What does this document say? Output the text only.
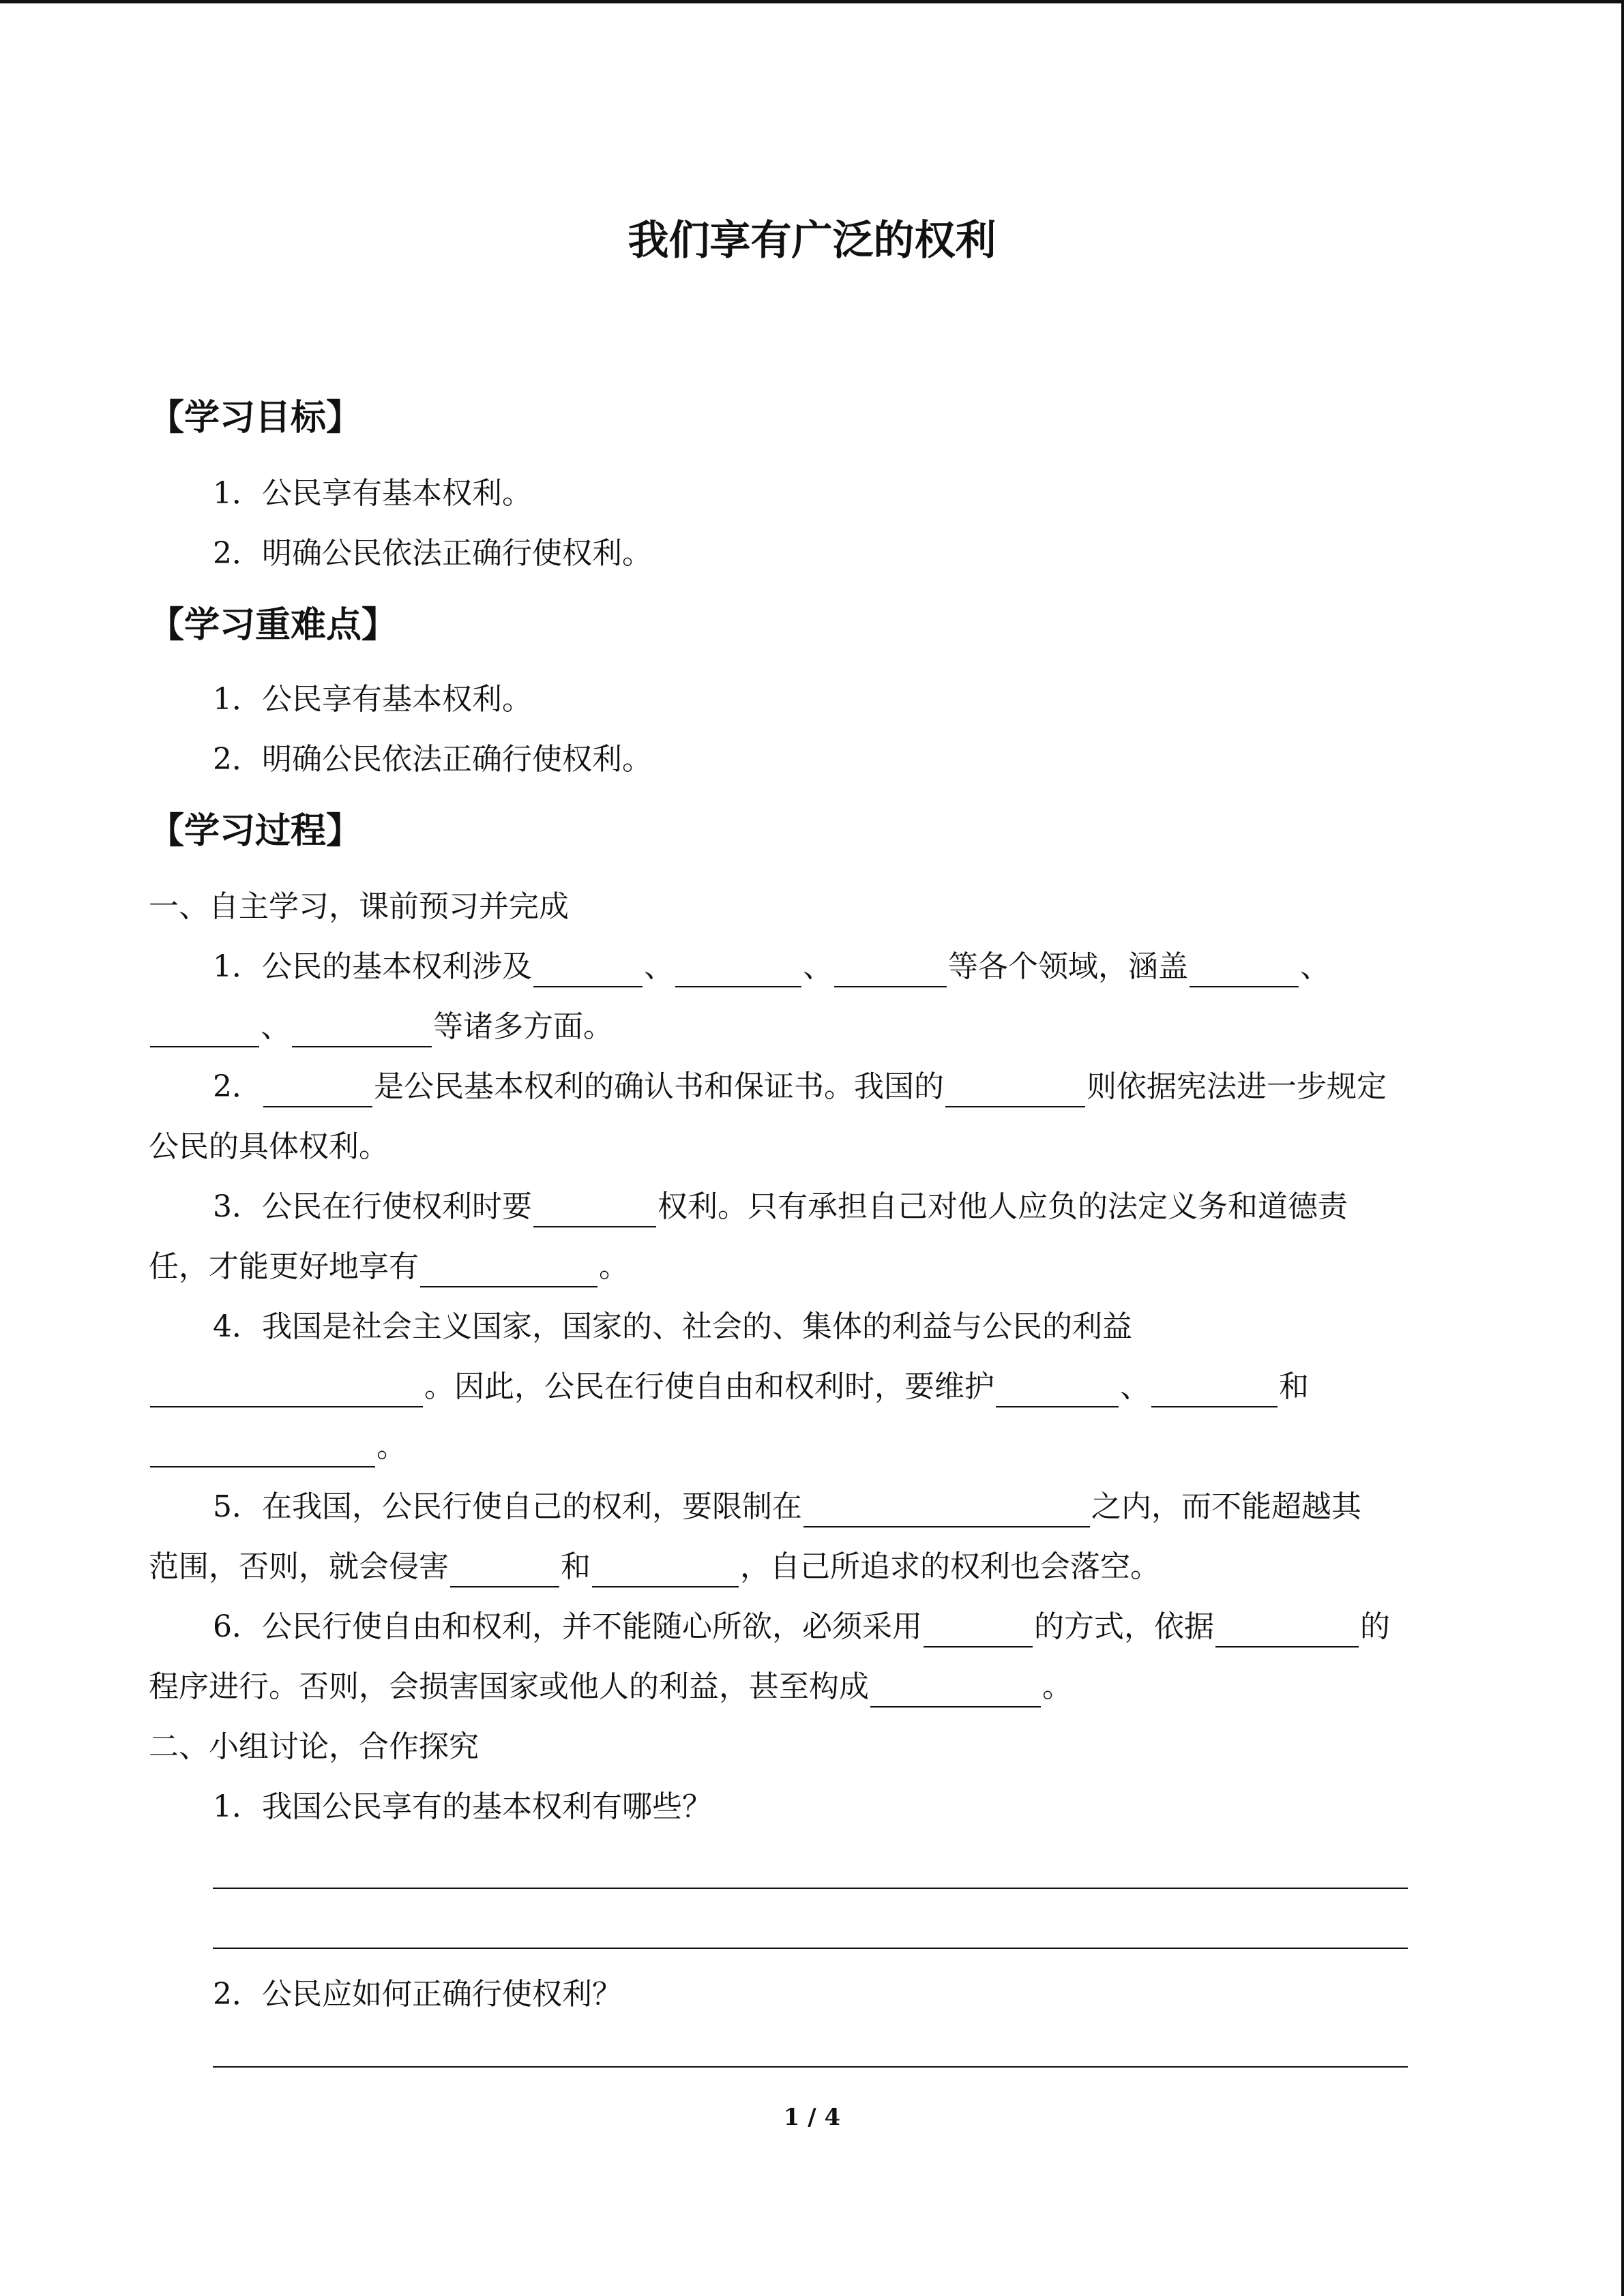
我们享有广泛的权利
【学习目标】
1．公民享有基本权利。
2．明确公民依法正确行使权利。
【学习重难点】
1．公民享有基本权利。
2．明确公民依法正确行使权利。
【学习过程】
一、自主学习，课前预习并完成
1．公民的基本权利涉及	、	、	等各个领域，涵盖	、
、	等诸多方面。
2．	是公民基本权利的确认书和保证书。我国的	则依据宪法进一步规定
公民的具体权利。
3．公民在行使权利时要	权利。只有承担自己对他人应负的法定义务和道德责
任，才能更好地享有	。
4．我国是社会主义国家，国家的、社会的、集体的利益与公民的利益
。因此，公民在行使自由和权利时，要维护	、	和
。
5．在我国，公民行使自己的权利，要限制在	之内，而不能超越其
范围，否则，就会侵害	和	，自己所追求的权利也会落空。
6．公民行使自由和权利，并不能随心所欲，必须采用	的方式，依据	的
程序进行。否则，会损害国家或他人的利益，甚至构成	。
二、小组讨论，合作探究
1．我国公民享有的基本权利有哪些？
2．公民应如何正确行使权利？
1 / 4
